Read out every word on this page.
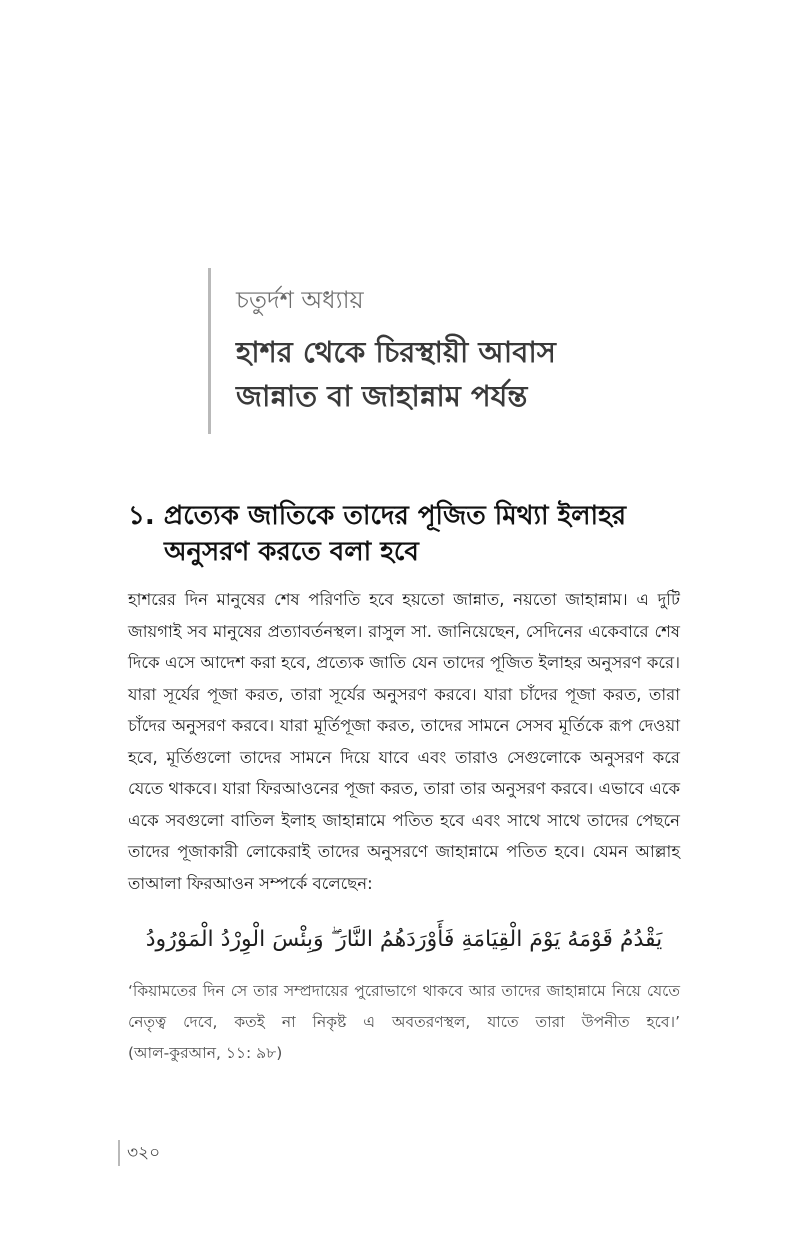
চতুর্দশ অধ্যায়
হাশর থেকে চিরস্থায়ী আবাস
জান্নাত বা জাহান্নাম পর্যন্ত
১. প্রত্যেক জাতিকে তাদের পূজিত মিথ্যা ইলাহর
অনুসরণ করতে বলা হবে
হাশরের দিন মানুষের শেষ পরিণতি হবে হয়তো জান্নাত, নয়তো জাহান্নাম। এ দুটি জায়গাই সব মানুষের প্রত্যাবর্তনস্থল। রাসুল সা. জানিয়েছেন, সেদিনের একেবারে শেষ দিকে এসে আদেশ করা হবে, প্রত্যেক জাতি যেন তাদের পূজিত ইলাহর অনুসরণ করে। যারা সূর্যের পূজা করত, তারা সূর্যের অনুসরণ করবে। যারা চাঁদের পূজা করত, তারা চাঁদের অনুসরণ করবে। যারা মূর্তিপূজা করত, তাদের সামনে সেসব মূর্তিকে রূপ দেওয়া হবে, মূর্তিগুলো তাদের সামনে দিয়ে যাবে এবং তারাও সেগুলোকে অনুসরণ করে যেতে থাকবে। যারা ফিরআওনের পূজা করত, তারা তার অনুসরণ করবে। এভাবে একে একে সবগুলো বাতিল ইলাহ জাহান্নামে পতিত হবে এবং সাথে সাথে তাদের পেছনে তাদের পূজাকারী লোকেরাই তাদের অনুসরণে জাহান্নামে পতিত হবে। যেমন আল্লাহ তাআলা ফিরআওন সম্পর্কে বলেছেন:
يَقْدُمُ قَوْمَهُ يَوْمَ الْقِيَامَةِ فَأَوْرَدَهُمُ النَّارَ ۖ وَبِئْسَ الْوِرْدُ الْمَوْرُودُ
‘কিয়ামতের দিন সে তার সম্প্রদায়ের পুরোভাগে থাকবে আর তাদের জাহান্নামে নিয়ে যেতে নেতৃত্ব দেবে, কতই না নিকৃষ্ট এ অবতরণস্থল, যাতে তারা উপনীত হবে।’ (আল-কুরআন, ১১: ৯৮)
৩২০
